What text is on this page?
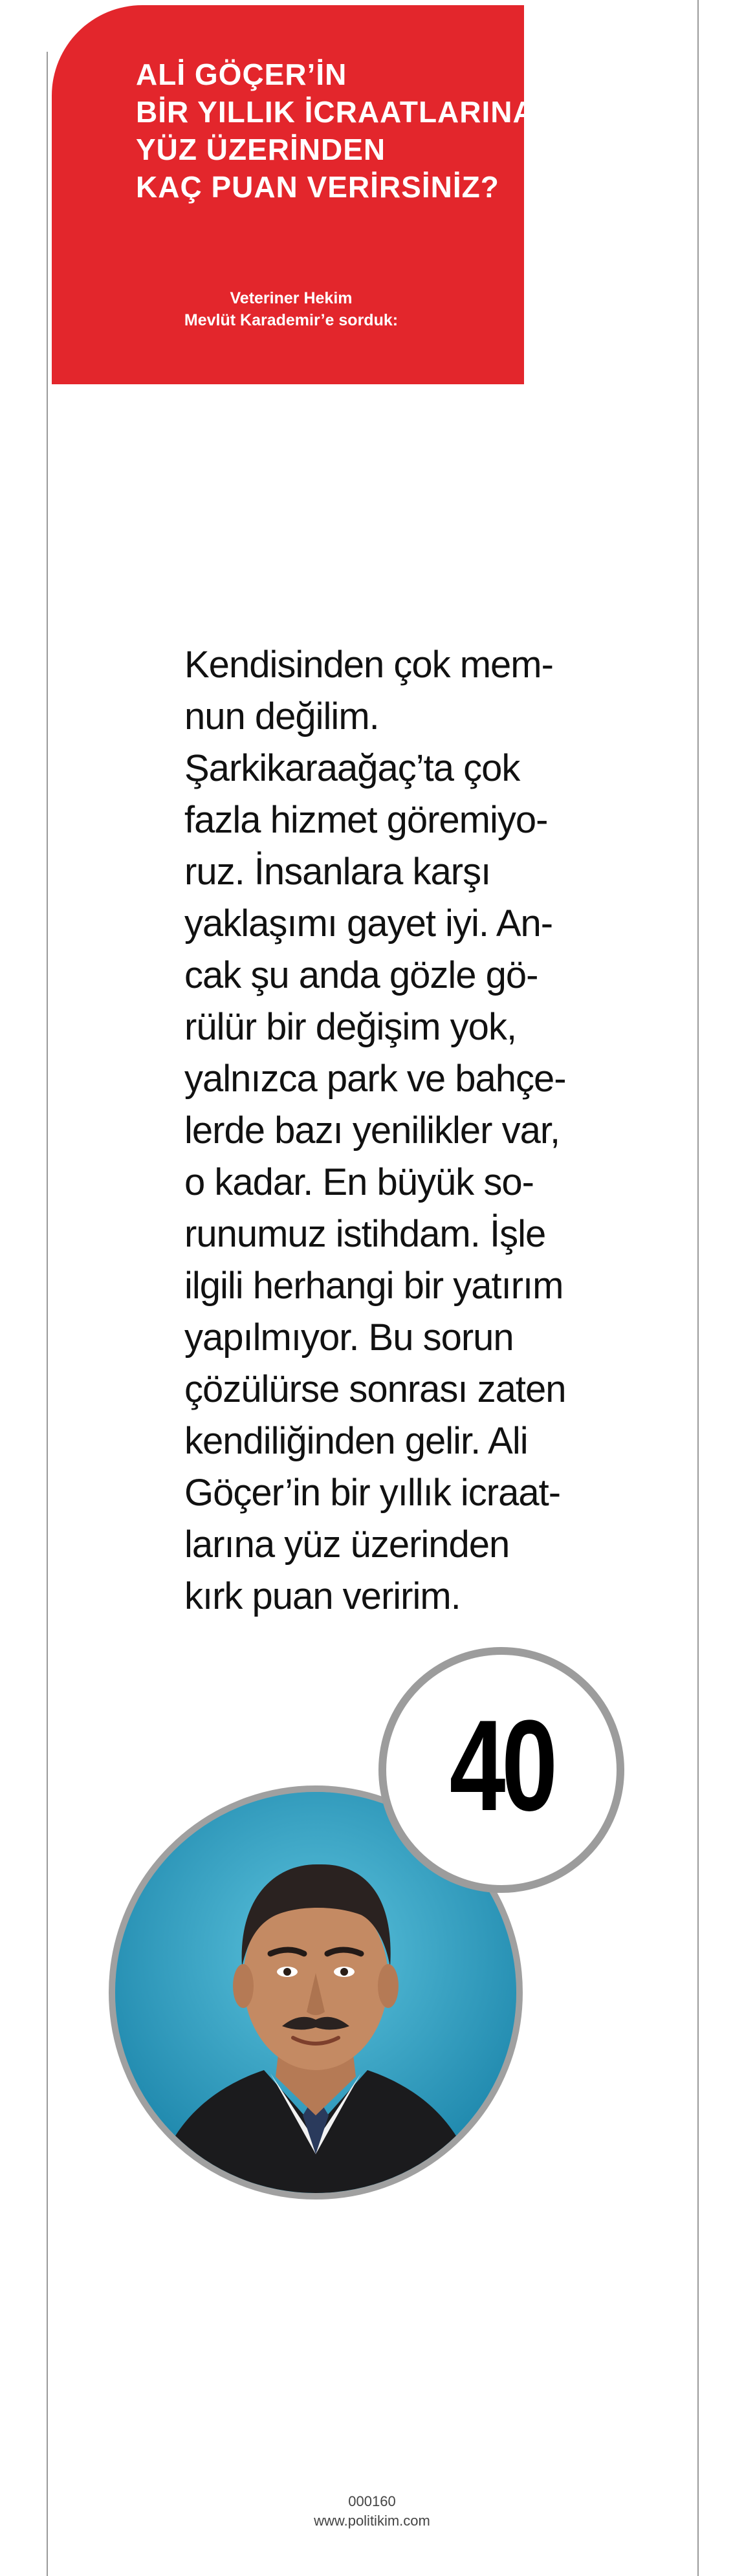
ALİ GÖÇER’İN
BİR YILLIK İCRAATLARINA
YÜZ ÜZERİNDEN
KAÇ PUAN VERİRSİNİZ?
Veteriner Hekim
Mevlüt Karademir’e sorduk:
Kendisinden çok mem-
nun değilim.
Şarkikaraağaç’ta çok
fazla hizmet göremiyo-
ruz. İnsanlara karşı
yaklaşımı gayet iyi. An-
cak şu anda gözle gö-
rülür bir değişim yok,
yalnızca park ve bahçe-
lerde bazı yenilikler var,
o kadar. En büyük so-
runumuz istihdam. İşle
ilgili herhangi bir yatırım
yapılmıyor. Bu sorun
çözülürse sonrası zaten
kendiliğinden gelir. Ali
Göçer’in bir yıllık icraat-
larına yüz üzerinden
kırk puan veririm.
40
000160
www.politikim.com
